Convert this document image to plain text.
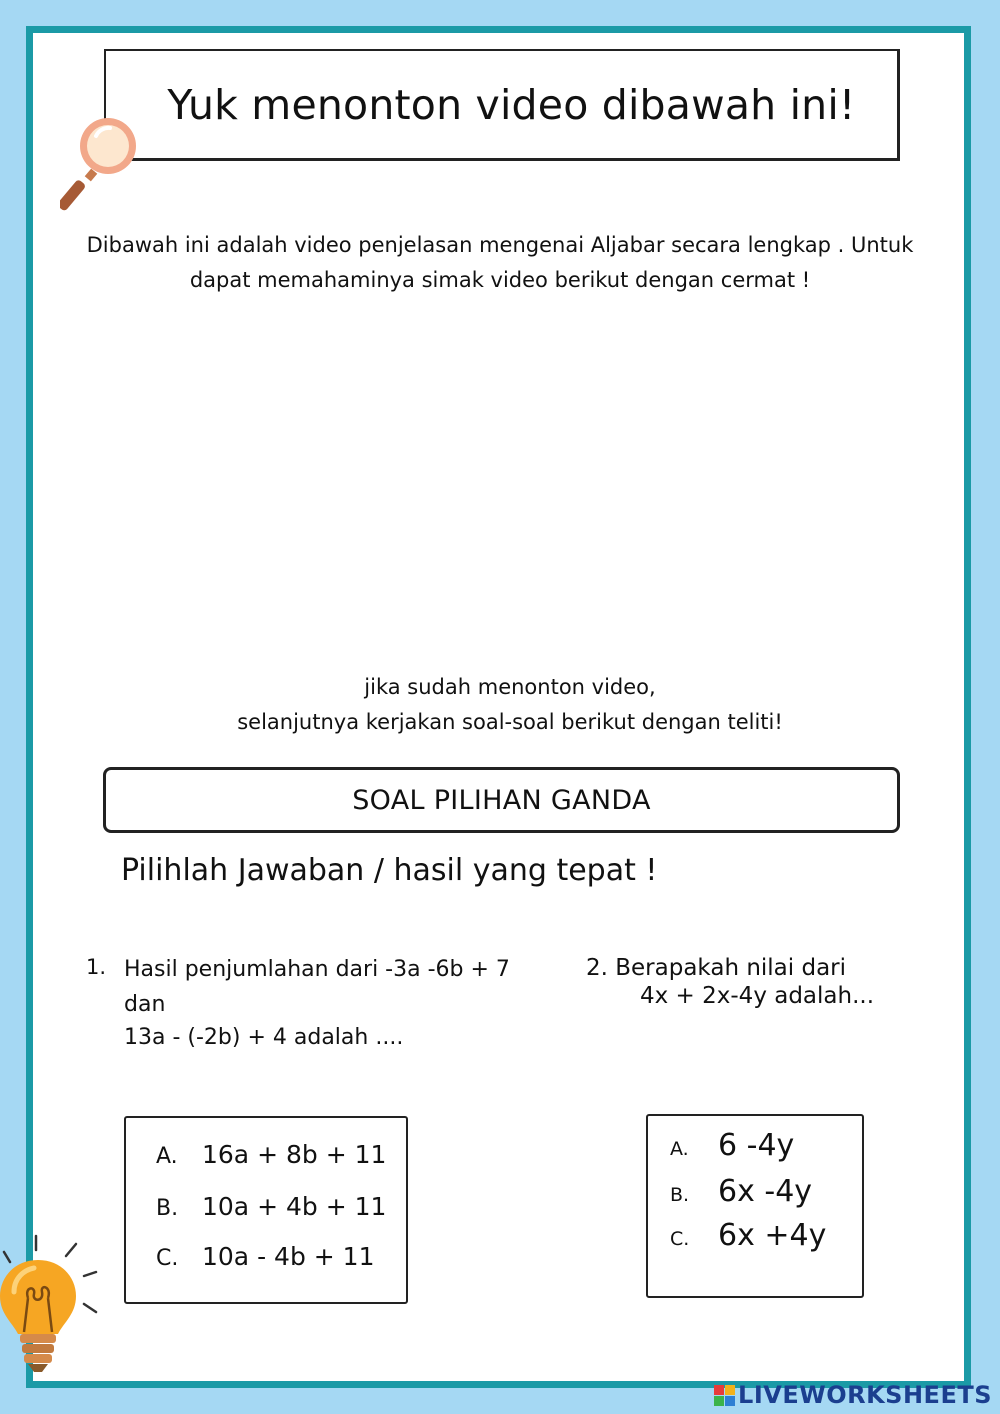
Yuk menonton video dibawah ini!
Dibawah ini adalah video penjelasan mengenai Aljabar secara lengkap . Untuk
dapat memahaminya simak video berikut dengan cermat !
jika sudah menonton video,
selanjutnya kerjakan soal-soal berikut dengan teliti!
SOAL PILIHAN GANDA
Pilihlah Jawaban / hasil yang tepat !
1. Hasil penjumlahan dari -3a -6b + 7 dan
13a - (-2b) + 4 adalah ....
2. Berapakah nilai dari
4x + 2x-4y adalah...
A. 16a + 8b + 11
B. 10a + 4b + 11
C. 10a - 4b + 11
A. 6 -4y
B. 6x -4y
C. 6x +4y
LIVEWORKSHEETS
